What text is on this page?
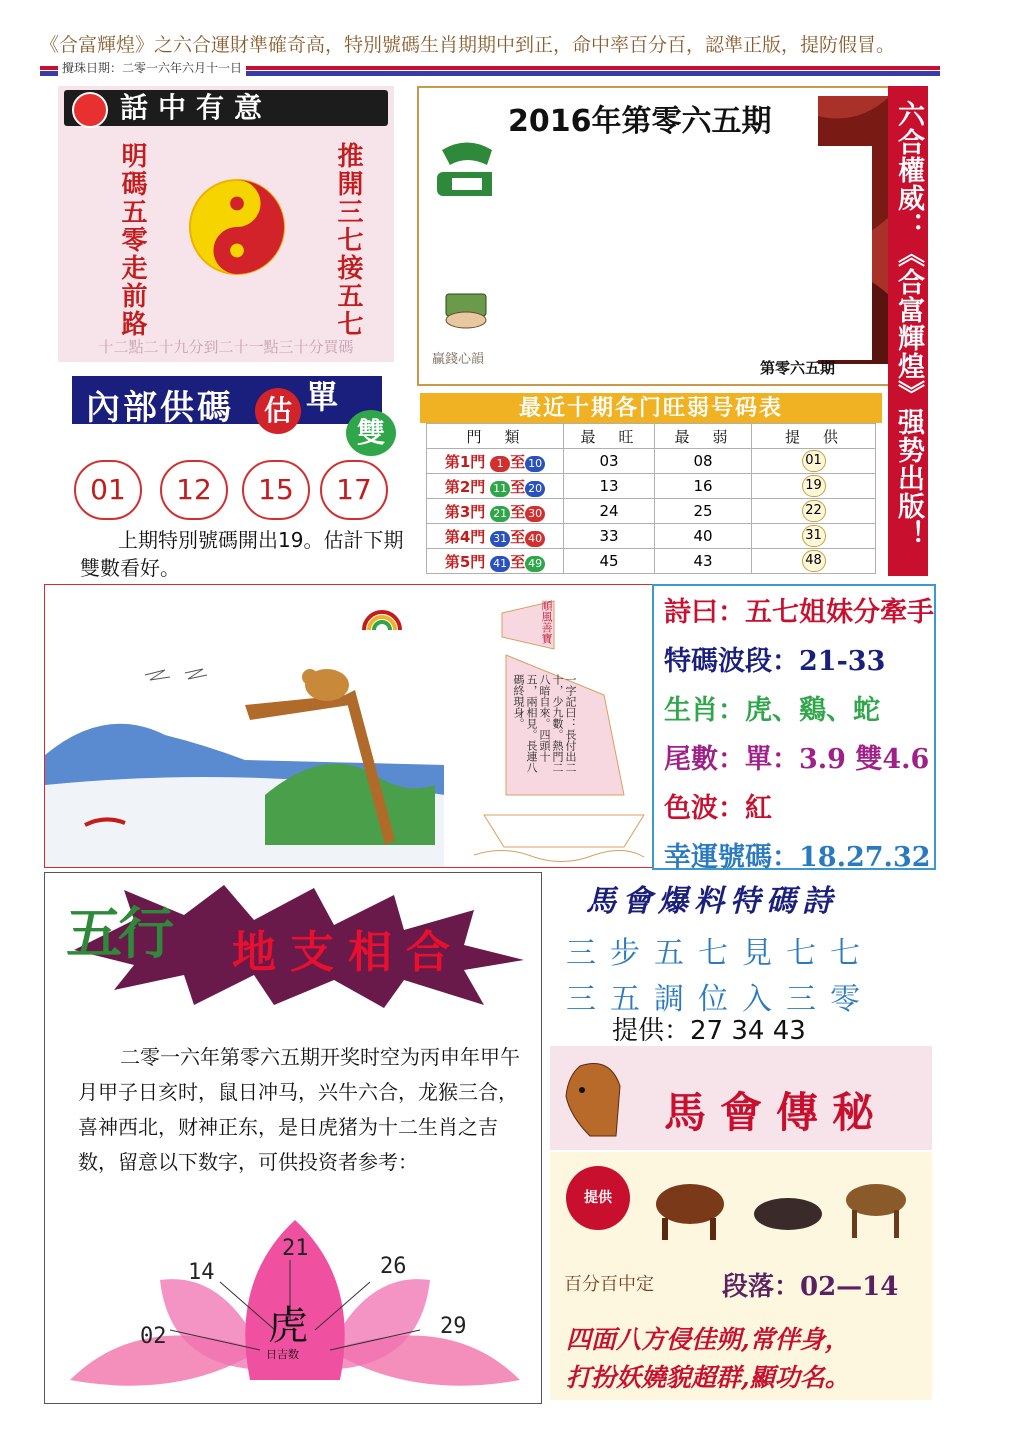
《合富輝煌》之六合運財準確奇高，特別號碼生肖期期中到正，命中率百分百，認準正版，提防假冒。
攪珠日期：二零一六年六月十一日
話中有意
明碼五零走前路	推開三七接五七
十二點二十九分到二十一點三十分買碼
2016年第零六五期
贏錢心韻	第零六五期 六合權威：《合富輝煌》强势出版！
內部供碼	估 單
雙
01	12	15	17
上期特別號碼開出19。估計下期雙數看好。
最近十期各门旺弱号码表
門　類	最　旺	最　弱	提　供
第1門 1 至 10	03	08	01
第2門 11 至 20	13	16	19
第3門 21 至 30	24	25	22
第4門 31 至 40	33	40	31
第5門 41 至 49	45	43	48
順風善寶
一字記曰：長付出二十，少九數。熱門二八暗自來。四頭十五，兩相見。長連八碼終現身。
詩曰：五七姐妹分牽手
特碼波段：21-33
生肖：虎、鷄、蛇
尾數：單：3.9 雙4.6
色波：紅
幸運號碼：18.27.32
五行 地支相合
二零一六年第零六五期开奖时空为丙申年甲午月甲子日亥时，鼠日冲马，兴牛六合，龙猴三合，喜神西北，财神正东，是日虎猪为十二生肖之吉数，留意以下数字，可供投资者参考：
21
14	26
02	29
虎
日吉数
馬會爆料特碼詩
三步五七見七七
三五調位入三零
提供：27 34 43
馬會傳秘
提供
百分百中定	段落：02—14
四面八方侵佳朔,常伴身，
打扮妖嬈貌超群,顯功名。
